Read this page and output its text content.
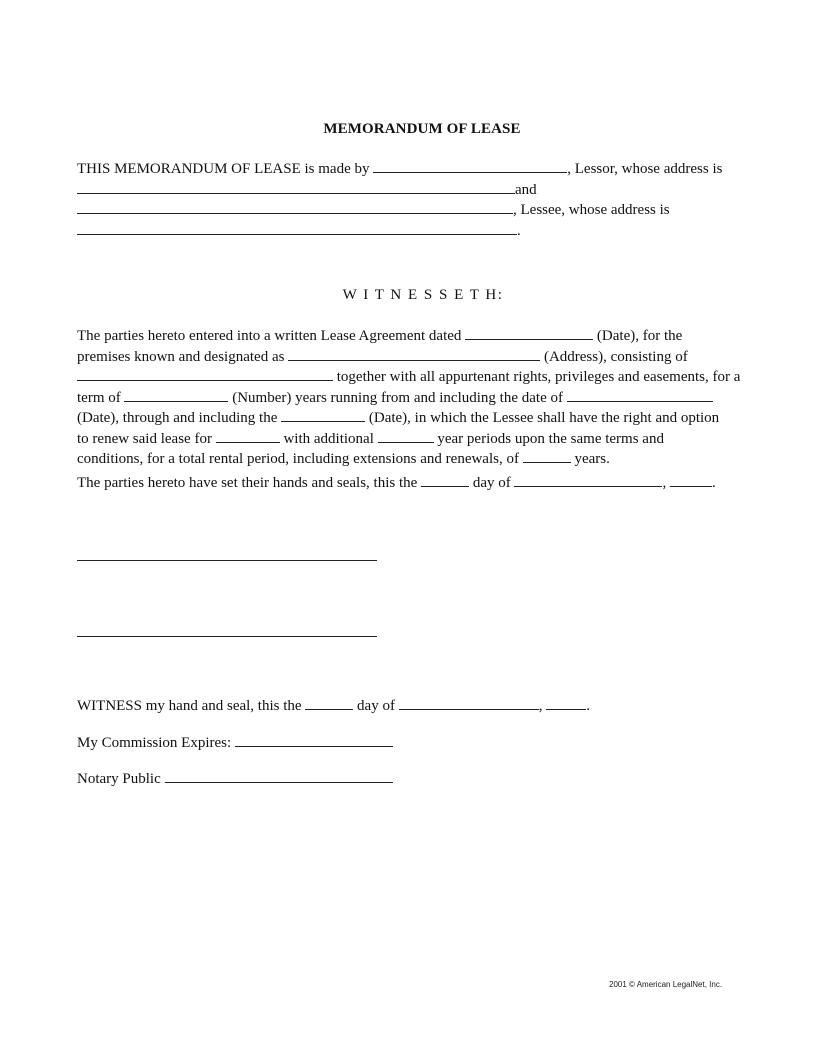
MEMORANDUM OF LEASE
THIS MEMORANDUM OF LEASE is made by	, Lessor, whose address is
and
, Lessee, whose address is
.
W I T N E S S E T H:
The parties hereto entered into a written Lease Agreement dated	(Date), for the
premises known and designated as	(Address), consisting of
together with all appurtenant rights, privileges and easements, for a
term of	(Number) years running from and including the date of
(Date), through and including the	(Date), in which the Lessee shall have the right and option
to renew said lease for	with additional	year periods upon the same terms and
conditions, for a total rental period, including extensions and renewals, of	years.
The parties hereto have set their hands and seals, this the	day of	,	.
WITNESS my hand and seal, this the	day of	,	.
My Commission Expires:
Notary Public
2001 © American LegalNet, Inc.
